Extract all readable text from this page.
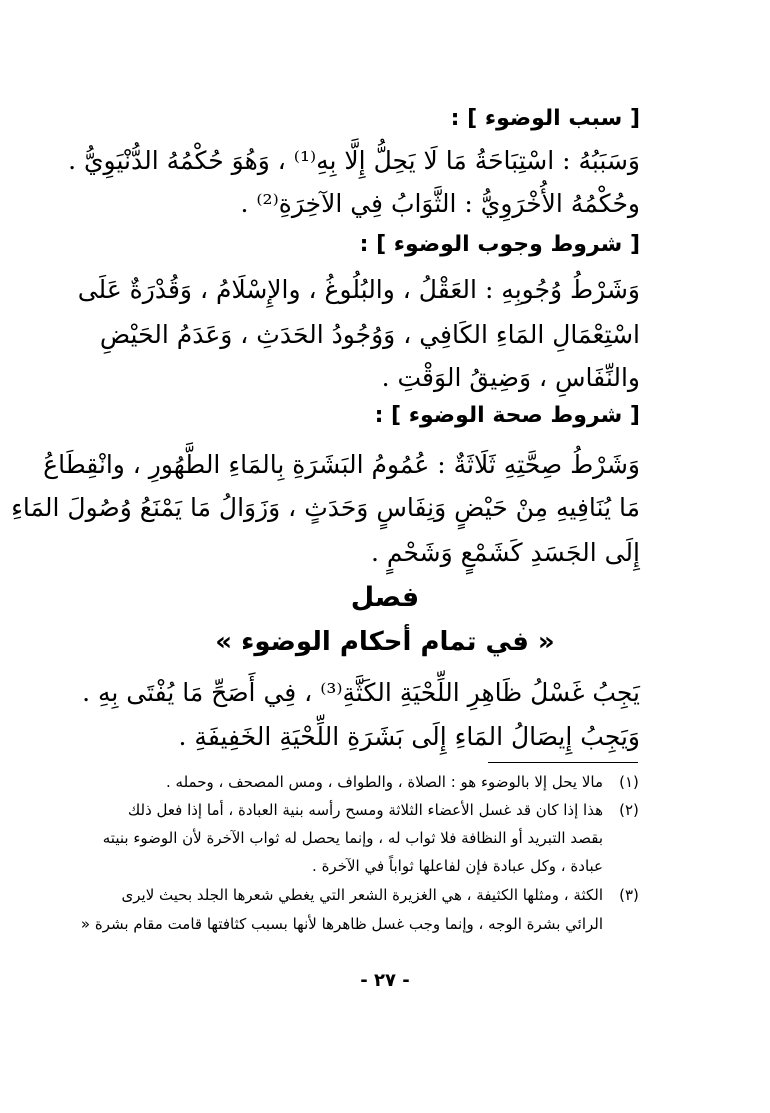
[ سبب الوضوء ] :
وَسَبَبُهُ : اسْتِبَاحَةُ مَا لَا يَحِلُّ إِلَّا بِهِ⁽¹⁾ ، وَهُوَ حُكْمُهُ الدُّنْيَوِيُّ .
وحُكْمُهُ الأُخْرَوِيُّ : الثَّوَابُ فِي الآخِرَةِ⁽²⁾ .
[ شروط وجوب الوضوء ] :
وَشَرْطُ وُجُوبِهِ : العَقْلُ ، والبُلُوغُ ، والإِسْلَامُ ، وَقُدْرَةٌ عَلَى
اسْتِعْمَالِ المَاءِ الكَافِي ، وَوُجُودُ الحَدَثِ ، وَعَدَمُ الحَيْضِ
والنِّفَاسِ ، وَضِيقُ الوَقْتِ .
[ شروط صحة الوضوء ] :
وَشَرْطُ صِحَّتِهِ ثَلَاثَةٌ : عُمُومُ البَشَرَةِ بِالمَاءِ الطَّهُورِ ، وانْقِطَاعُ
مَا يُنَافِيهِ مِنْ حَيْضٍ وَنِفَاسٍ وَحَدَثٍ ، وَزَوَالُ مَا يَمْنَعُ وُصُولَ المَاءِ
إِلَى الجَسَدِ كَشَمْعٍ وَشَحْمٍ .
فصل
« في تمام أحكام الوضوء »
يَجِبُ غَسْلُ ظَاهِرِ اللِّحْيَةِ الكَثَّةِ⁽³⁾ ، فِي أَصَحِّ مَا يُفْتَى بِهِ .
وَيَجِبُ إِيصَالُ المَاءِ إِلَى بَشَرَةِ اللِّحْيَةِ الخَفِيفَةِ .
(١)
مالا يحل إلا بالوضوء هو : الصلاة ، والطواف ، ومس المصحف ، وحمله .
(٢)
هذا إذا كان قد غسل الأعضاء الثلاثة ومسح رأسه بنية العبادة ، أما إذا فعل ذلك
بقصد التبريد أو النظافة فلا ثواب له ، وإنما يحصل له ثواب الآخرة لأن الوضوء بنيته
عبادة ، وكل عبادة فإن لفاعلها ثواباً في الآخرة .
(٣)
الكثة ، ومثلها الكثيفة ، هي الغزيرة الشعر التي يغطي شعرها الجلد بحيث لايرى
الرائي بشرة الوجه ، وإنما وجب غسل ظاهرها لأنها بسبب كثافتها قامت مقام بشرة «
- ٢٧ -
